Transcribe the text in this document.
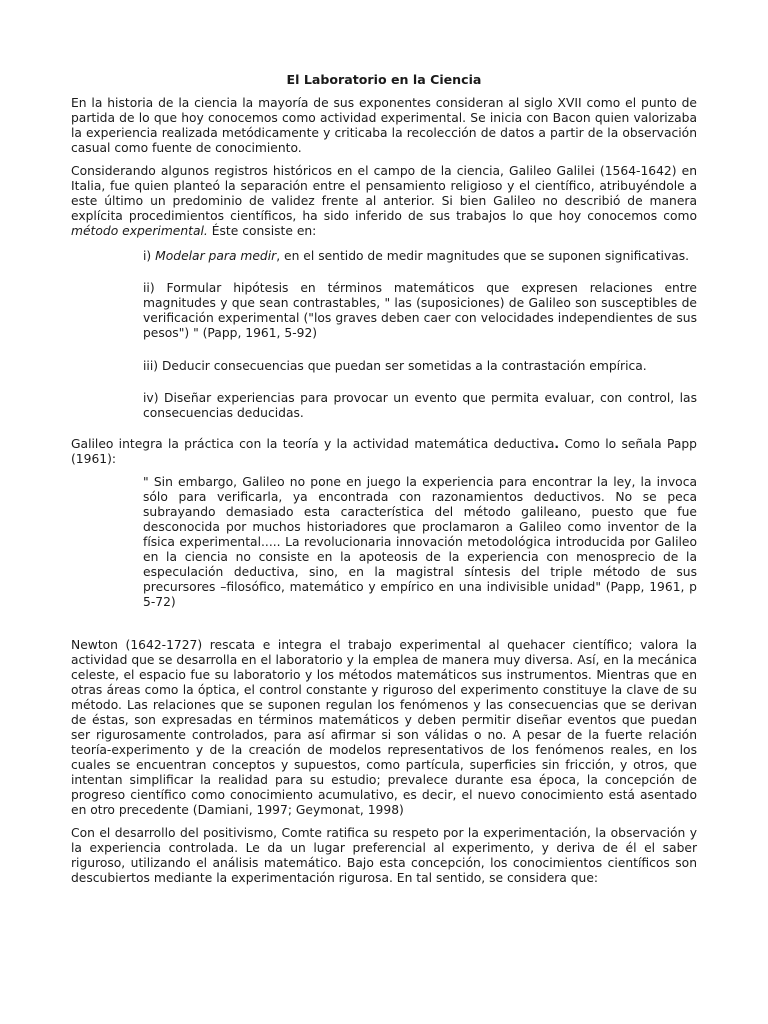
El Laboratorio en la Ciencia
En la historia de la ciencia la mayoría de sus exponentes consideran al siglo XVII como el punto de partida de lo que hoy conocemos como actividad experimental. Se inicia con Bacon quien valorizaba la experiencia realizada metódicamente y criticaba la recolección de datos a partir de la observación casual como fuente de conocimiento.
Considerando algunos registros históricos en el campo de la ciencia, Galileo Galilei (1564-1642) en Italia, fue quien planteó la separación entre el pensamiento religioso y el científico, atribuyéndole a este último un predominio de validez frente al anterior. Si bien Galileo no describió de manera explícita procedimientos científicos, ha sido inferido de sus trabajos lo que hoy conocemos como método experimental. Éste consiste en:
i) Modelar para medir, en el sentido de medir magnitudes que se suponen significativas.
ii) Formular hipótesis en términos matemáticos que expresen relaciones entre magnitudes y que sean contrastables, " las (suposiciones) de Galileo son susceptibles de verificación experimental ("los graves deben caer con velocidades independientes de sus pesos") " (Papp, 1961, 5-92)
iii) Deducir consecuencias que puedan ser sometidas a la contrastación empírica.
iv) Diseñar experiencias para provocar un evento que permita evaluar, con control, las consecuencias deducidas.
Galileo integra la práctica con la teoría y la actividad matemática deductiva. Como lo señala Papp (1961):
" Sin embargo, Galileo no pone en juego la experiencia para encontrar la ley, la invoca sólo para verificarla, ya encontrada con razonamientos deductivos. No se peca subrayando demasiado esta característica del método galileano, puesto que fue desconocida por muchos historiadores que proclamaron a Galileo como inventor de la física experimental..... La revolucionaria innovación metodológica introducida por Galileo en la ciencia no consiste en la apoteosis de la experiencia con menosprecio de la especulación deductiva, sino, en la magistral síntesis del triple método de sus precursores –filosófico, matemático y empírico en una indivisible unidad" (Papp, 1961, p 5-72)
Newton (1642-1727) rescata e integra el trabajo experimental al quehacer científico; valora la actividad que se desarrolla en el laboratorio y la emplea de manera muy diversa. Así, en la mecánica celeste, el espacio fue su laboratorio y los métodos matemáticos sus instrumentos. Mientras que en otras áreas como la óptica, el control constante y riguroso del experimento constituye la clave de su método. Las relaciones que se suponen regulan los fenómenos y las consecuencias que se derivan de éstas, son expresadas en términos matemáticos y deben permitir diseñar eventos que puedan ser rigurosamente controlados, para así afirmar si son válidas o no. A pesar de la fuerte relación teoría-experimento y de la creación de modelos representativos de los fenómenos reales, en los cuales se encuentran conceptos y supuestos, como partícula, superficies sin fricción, y otros, que intentan simplificar la realidad para su estudio; prevalece durante esa época, la concepción de progreso científico como conocimiento acumulativo, es decir, el nuevo conocimiento está asentado en otro precedente (Damiani, 1997; Geymonat, 1998)
Con el desarrollo del positivismo, Comte ratifica su respeto por la experimentación, la observación y la experiencia controlada. Le da un lugar preferencial al experimento, y deriva de él el saber riguroso, utilizando el análisis matemático. Bajo esta concepción, los conocimientos científicos son descubiertos mediante la experimentación rigurosa. En tal sentido, se considera que:
